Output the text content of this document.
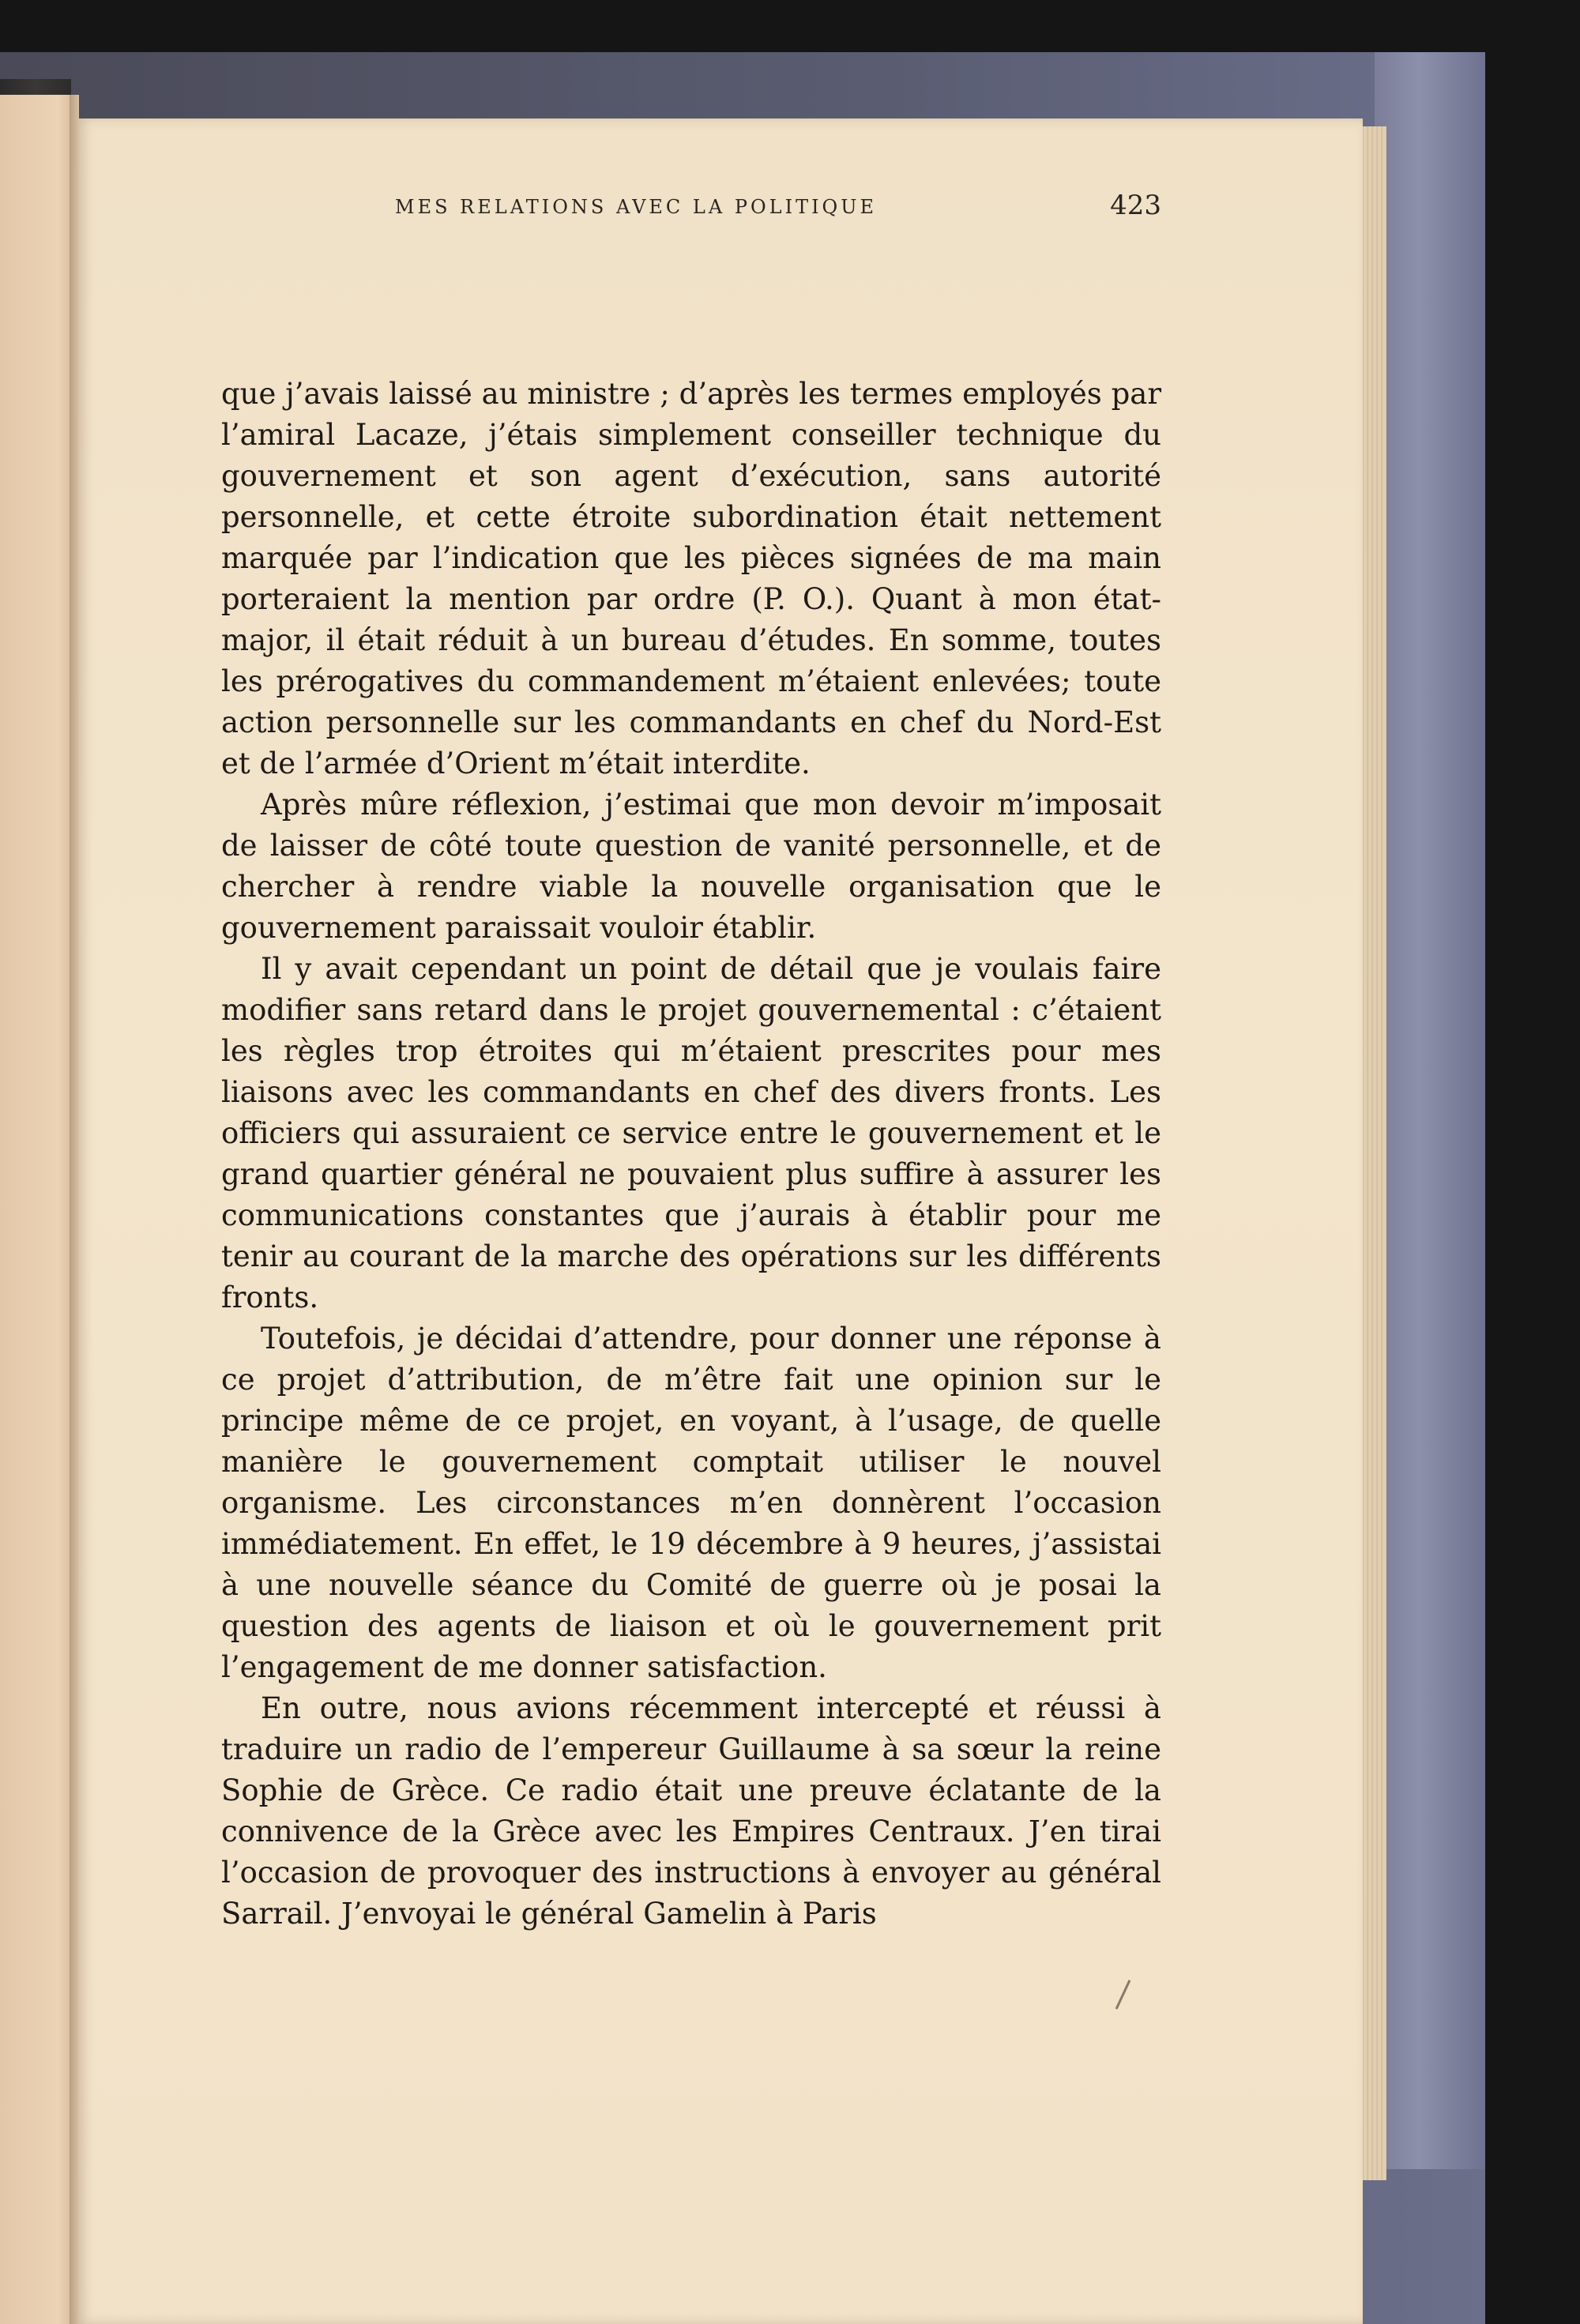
MES RELATIONS AVEC LA POLITIQUE	423

que j’avais laissé au ministre ; d’après les termes employés par l’amiral Lacaze, j’étais simplement conseiller technique du gouvernement et son agent d’exécution, sans autorité personnelle, et cette étroite subordination était nettement marquée par l’indication que les pièces signées de ma main porteraient la mention par ordre (P. O.). Quant à mon état-major, il était réduit à un bureau d’études. En somme, toutes les prérogatives du commandement m’étaient enlevées; toute action personnelle sur les commandants en chef du Nord-Est et de l’armée d’Orient m’était interdite.

Après mûre réflexion, j’estimai que mon devoir m’imposait de laisser de côté toute question de vanité personnelle, et de chercher à rendre viable la nouvelle organisation que le gouvernement paraissait vouloir établir.

Il y avait cependant un point de détail que je voulais faire modifier sans retard dans le projet gouvernemental : c’étaient les règles trop étroites qui m’étaient prescrites pour mes liaisons avec les commandants en chef des divers fronts. Les officiers qui assuraient ce service entre le gouvernement et le grand quartier général ne pouvaient plus suffire à assurer les communications constantes que j’aurais à établir pour me tenir au courant de la marche des opérations sur les différents fronts.

Toutefois, je décidai d’attendre, pour donner une réponse à ce projet d’attribution, de m’être fait une opinion sur le principe même de ce projet, en voyant, à l’usage, de quelle manière le gouvernement comptait utiliser le nouvel organisme. Les circonstances m’en donnèrent l’occasion immédiatement. En effet, le 19 décembre à 9 heures, j’assistai à une nouvelle séance du Comité de guerre où je posai la question des agents de liaison et où le gouvernement prit l’engagement de me donner satisfaction.

En outre, nous avions récemment intercepté et réussi à traduire un radio de l’empereur Guillaume à sa sœur la reine Sophie de Grèce. Ce radio était une preuve éclatante de la connivence de la Grèce avec les Empires Centraux. J’en tirai l’occasion de provoquer des instructions à envoyer au général Sarrail. J’envoyai le général Gamelin à Paris
